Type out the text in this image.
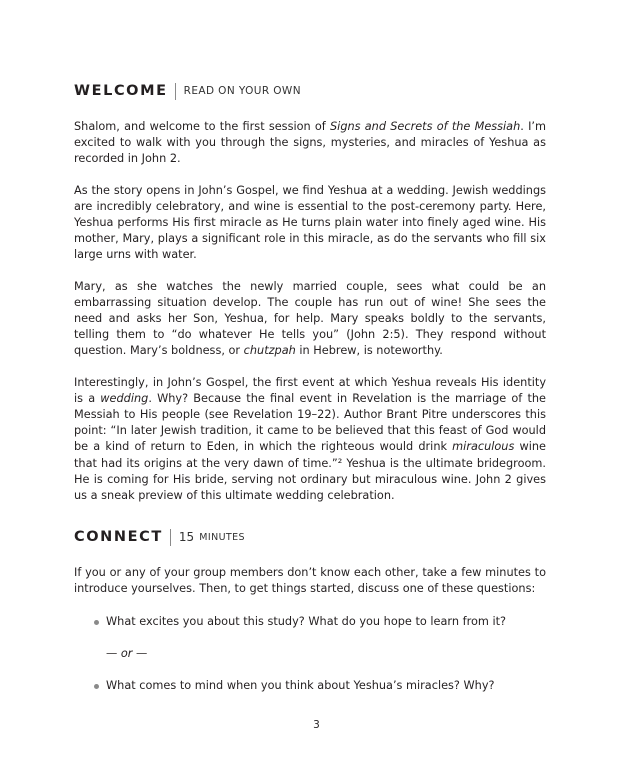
WELCOME READ ON YOUR OWN

Shalom, and welcome to the first session of Signs and Secrets of the Messiah. I’m excited to walk with you through the signs, mysteries, and miracles of Yeshua as recorded in John 2.

As the story opens in John’s Gospel, we find Yeshua at a wedding. Jewish weddings are incredibly celebratory, and wine is essential to the post-ceremony party. Here, Yeshua performs His first miracle as He turns plain water into finely aged wine. His mother, Mary, plays a significant role in this miracle, as do the servants who fill six large urns with water.

Mary, as she watches the newly married couple, sees what could be an embarrassing situation develop. The couple has run out of wine! She sees the need and asks her Son, Yeshua, for help. Mary speaks boldly to the servants, telling them to “do whatever He tells you” (John 2:5). They respond without question. Mary’s boldness, or chutzpah in Hebrew, is noteworthy.

Interestingly, in John’s Gospel, the first event at which Yeshua reveals His identity is a wedding. Why? Because the final event in Revelation is the marriage of the Messiah to His people (see Revelation 19–22). Author Brant Pitre underscores this point: “In later Jewish tradition, it came to be believed that this feast of God would be a kind of return to Eden, in which the righteous would drink miraculous wine that had its origins at the very dawn of time.”² Yeshua is the ultimate bridegroom. He is coming for His bride, serving not ordinary but miraculous wine. John 2 gives us a sneak preview of this ultimate wedding celebration.

CONNECT 15
MINUTES

If you or any of your group members don’t know each other, take a few minutes to introduce yourselves. Then, to get things started, discuss one of these questions:

What excites you about this study? What do you hope to learn from it?
— or —
What comes to mind when you think about Yeshua’s miracles? Why?
3
